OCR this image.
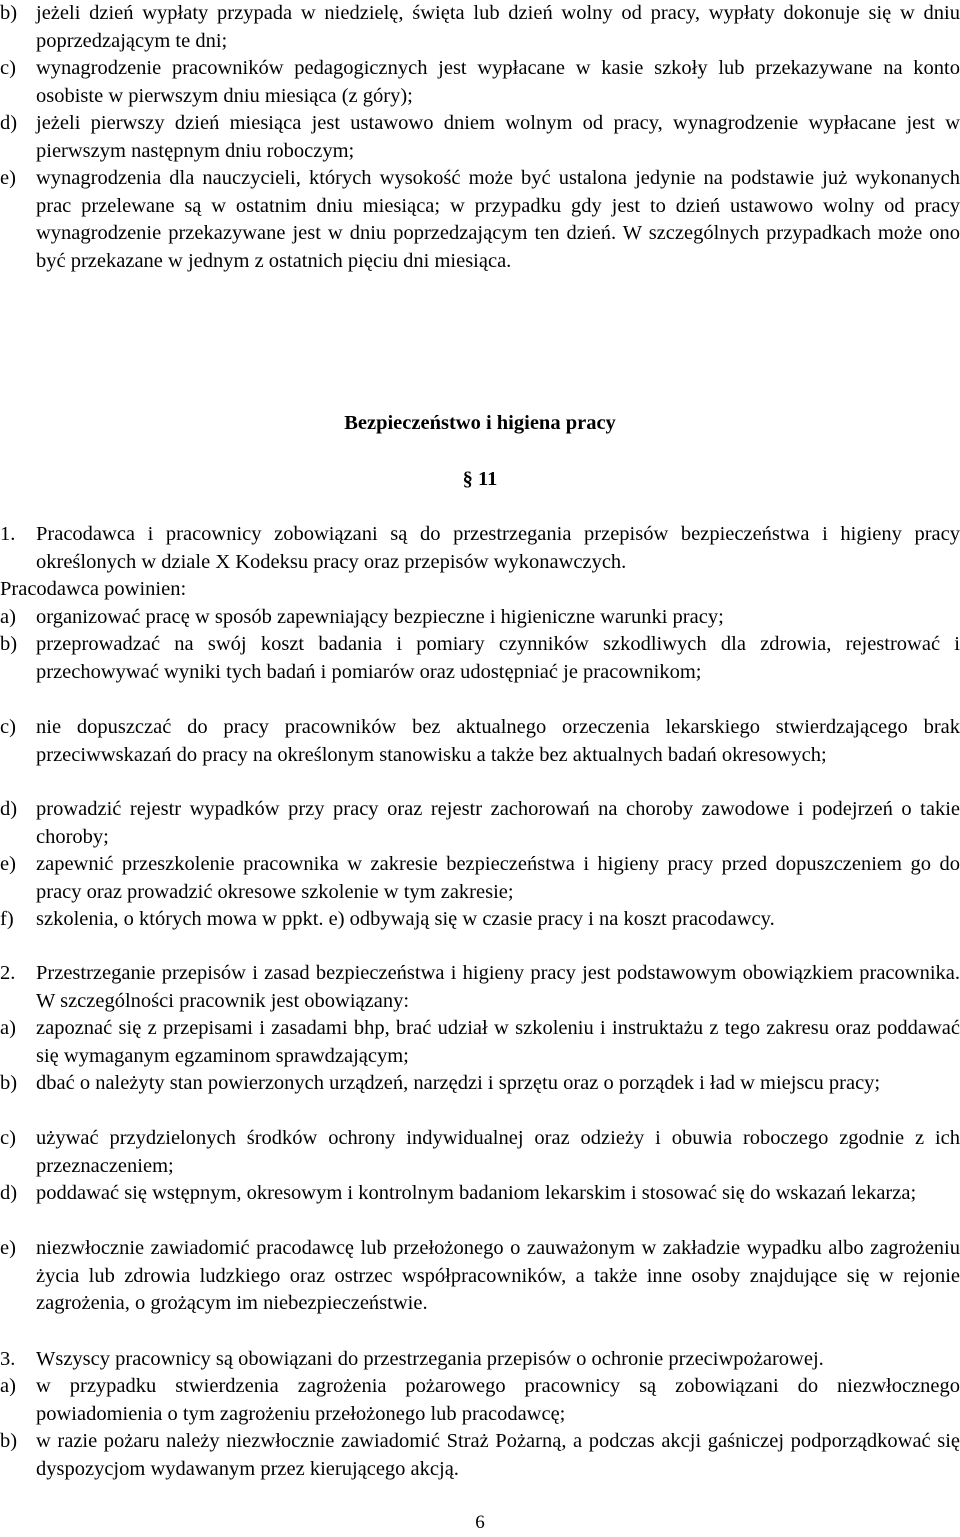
b) jeżeli dzień wypłaty przypada w niedzielę, święta lub dzień wolny od pracy, wypłaty dokonuje się w dniu poprzedzającym te dni;
c) wynagrodzenie pracowników pedagogicznych jest wypłacane w kasie szkoły lub przekazywane na konto osobiste w pierwszym dniu miesiąca (z góry);
d) jeżeli pierwszy dzień miesiąca jest ustawowo dniem wolnym od pracy, wynagrodzenie wypłacane jest w pierwszym następnym dniu roboczym;
e) wynagrodzenia dla nauczycieli, których wysokość może być ustalona jedynie na podstawie już wykonanych prac przelewane są w ostatnim dniu miesiąca; w przypadku gdy jest to dzień ustawowo wolny od pracy wynagrodzenie przekazywane jest w dniu poprzedzającym ten dzień. W szczególnych przypadkach może ono być przekazane w jednym z ostatnich pięciu dni miesiąca.
Bezpieczeństwo i higiena pracy
§ 11
1. Pracodawca i pracownicy zobowiązani są do przestrzegania przepisów bezpieczeństwa i higieny pracy określonych w dziale X Kodeksu pracy oraz przepisów wykonawczych.
Pracodawca powinien:
a) organizować pracę w sposób zapewniający bezpieczne i higieniczne warunki pracy;
b) przeprowadzać na swój koszt badania i pomiary czynników szkodliwych dla zdrowia, rejestrować i przechowywać wyniki tych badań i pomiarów oraz udostępniać je pracownikom;
c) nie dopuszczać do pracy pracowników bez aktualnego orzeczenia lekarskiego stwierdzającego brak przeciwwskazań do pracy na określonym stanowisku a także bez aktualnych badań okresowych;
d) prowadzić rejestr wypadków przy pracy oraz rejestr zachorowań na choroby zawodowe i podejrzeń o takie choroby;
e) zapewnić przeszkolenie pracownika w zakresie bezpieczeństwa i higieny pracy przed dopuszczeniem go do pracy oraz prowadzić okresowe szkolenie w tym zakresie;
f) szkolenia, o których mowa w ppkt. e) odbywają się w czasie pracy i na koszt pracodawcy.
2. Przestrzeganie przepisów i zasad bezpieczeństwa i higieny pracy jest podstawowym obowiązkiem pracownika. W szczególności pracownik jest obowiązany:
a) zapoznać się z przepisami i zasadami bhp, brać udział w szkoleniu i instruktażu z tego zakresu oraz poddawać się wymaganym egzaminom sprawdzającym;
b) dbać o należyty stan powierzonych urządzeń, narzędzi i sprzętu oraz o porządek i ład w miejscu pracy;
c) używać przydzielonych środków ochrony indywidualnej oraz odzieży i obuwia roboczego zgodnie z ich przeznaczeniem;
d) poddawać się wstępnym, okresowym i kontrolnym badaniom lekarskim i stosować się do wskazań lekarza;
e) niezwłocznie zawiadomić pracodawcę lub przełożonego o zauważonym w zakładzie wypadku albo zagrożeniu życia lub zdrowia ludzkiego oraz ostrzec współpracowników, a także inne osoby znajdujące się w rejonie zagrożenia, o grożącym im niebezpieczeństwie.
3. Wszyscy pracownicy są obowiązani do przestrzegania przepisów o ochronie przeciwpożarowej.
a) w przypadku stwierdzenia zagrożenia pożarowego pracownicy są zobowiązani do niezwłocznego powiadomienia o tym zagrożeniu przełożonego lub pracodawcę;
b) w razie pożaru należy niezwłocznie zawiadomić Straż Pożarną, a podczas akcji gaśniczej podporządkować się dyspozycjom wydawanym przez kierującego akcją.
6
